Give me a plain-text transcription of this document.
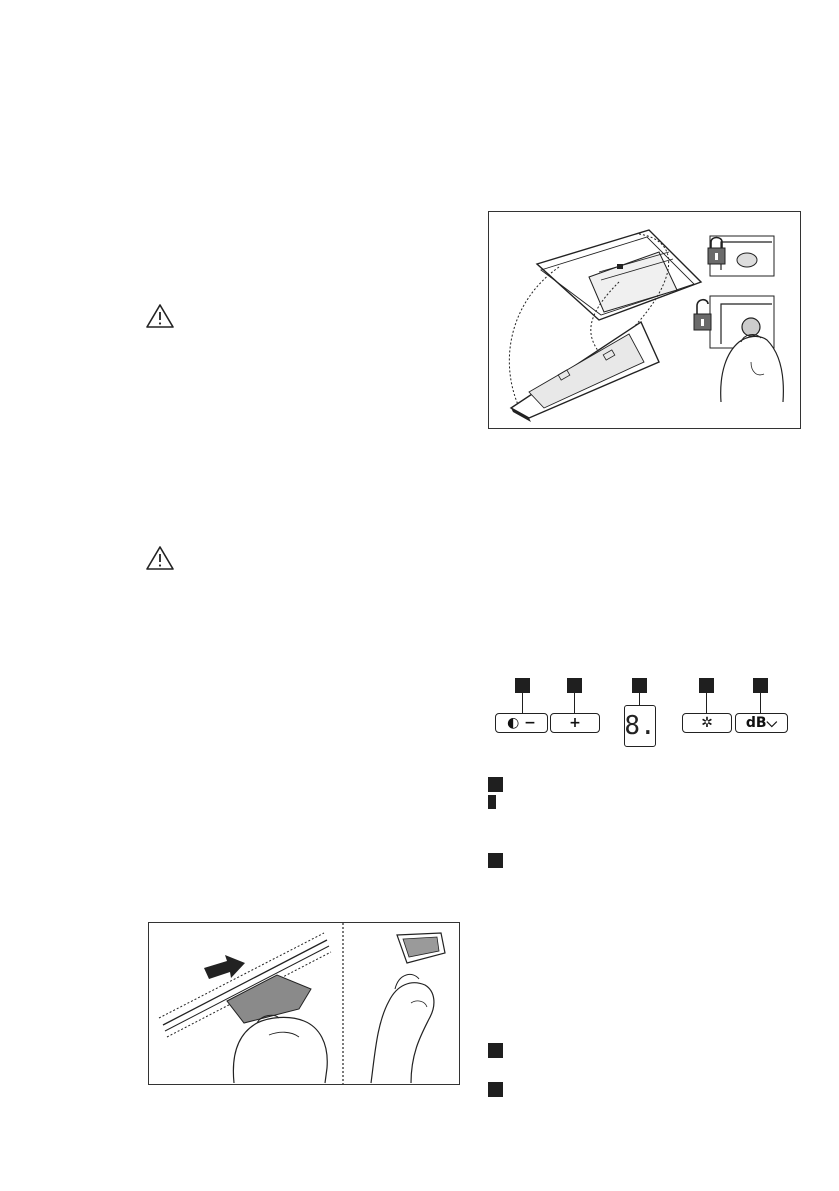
◐ − + 8.	✲ dB⌵
